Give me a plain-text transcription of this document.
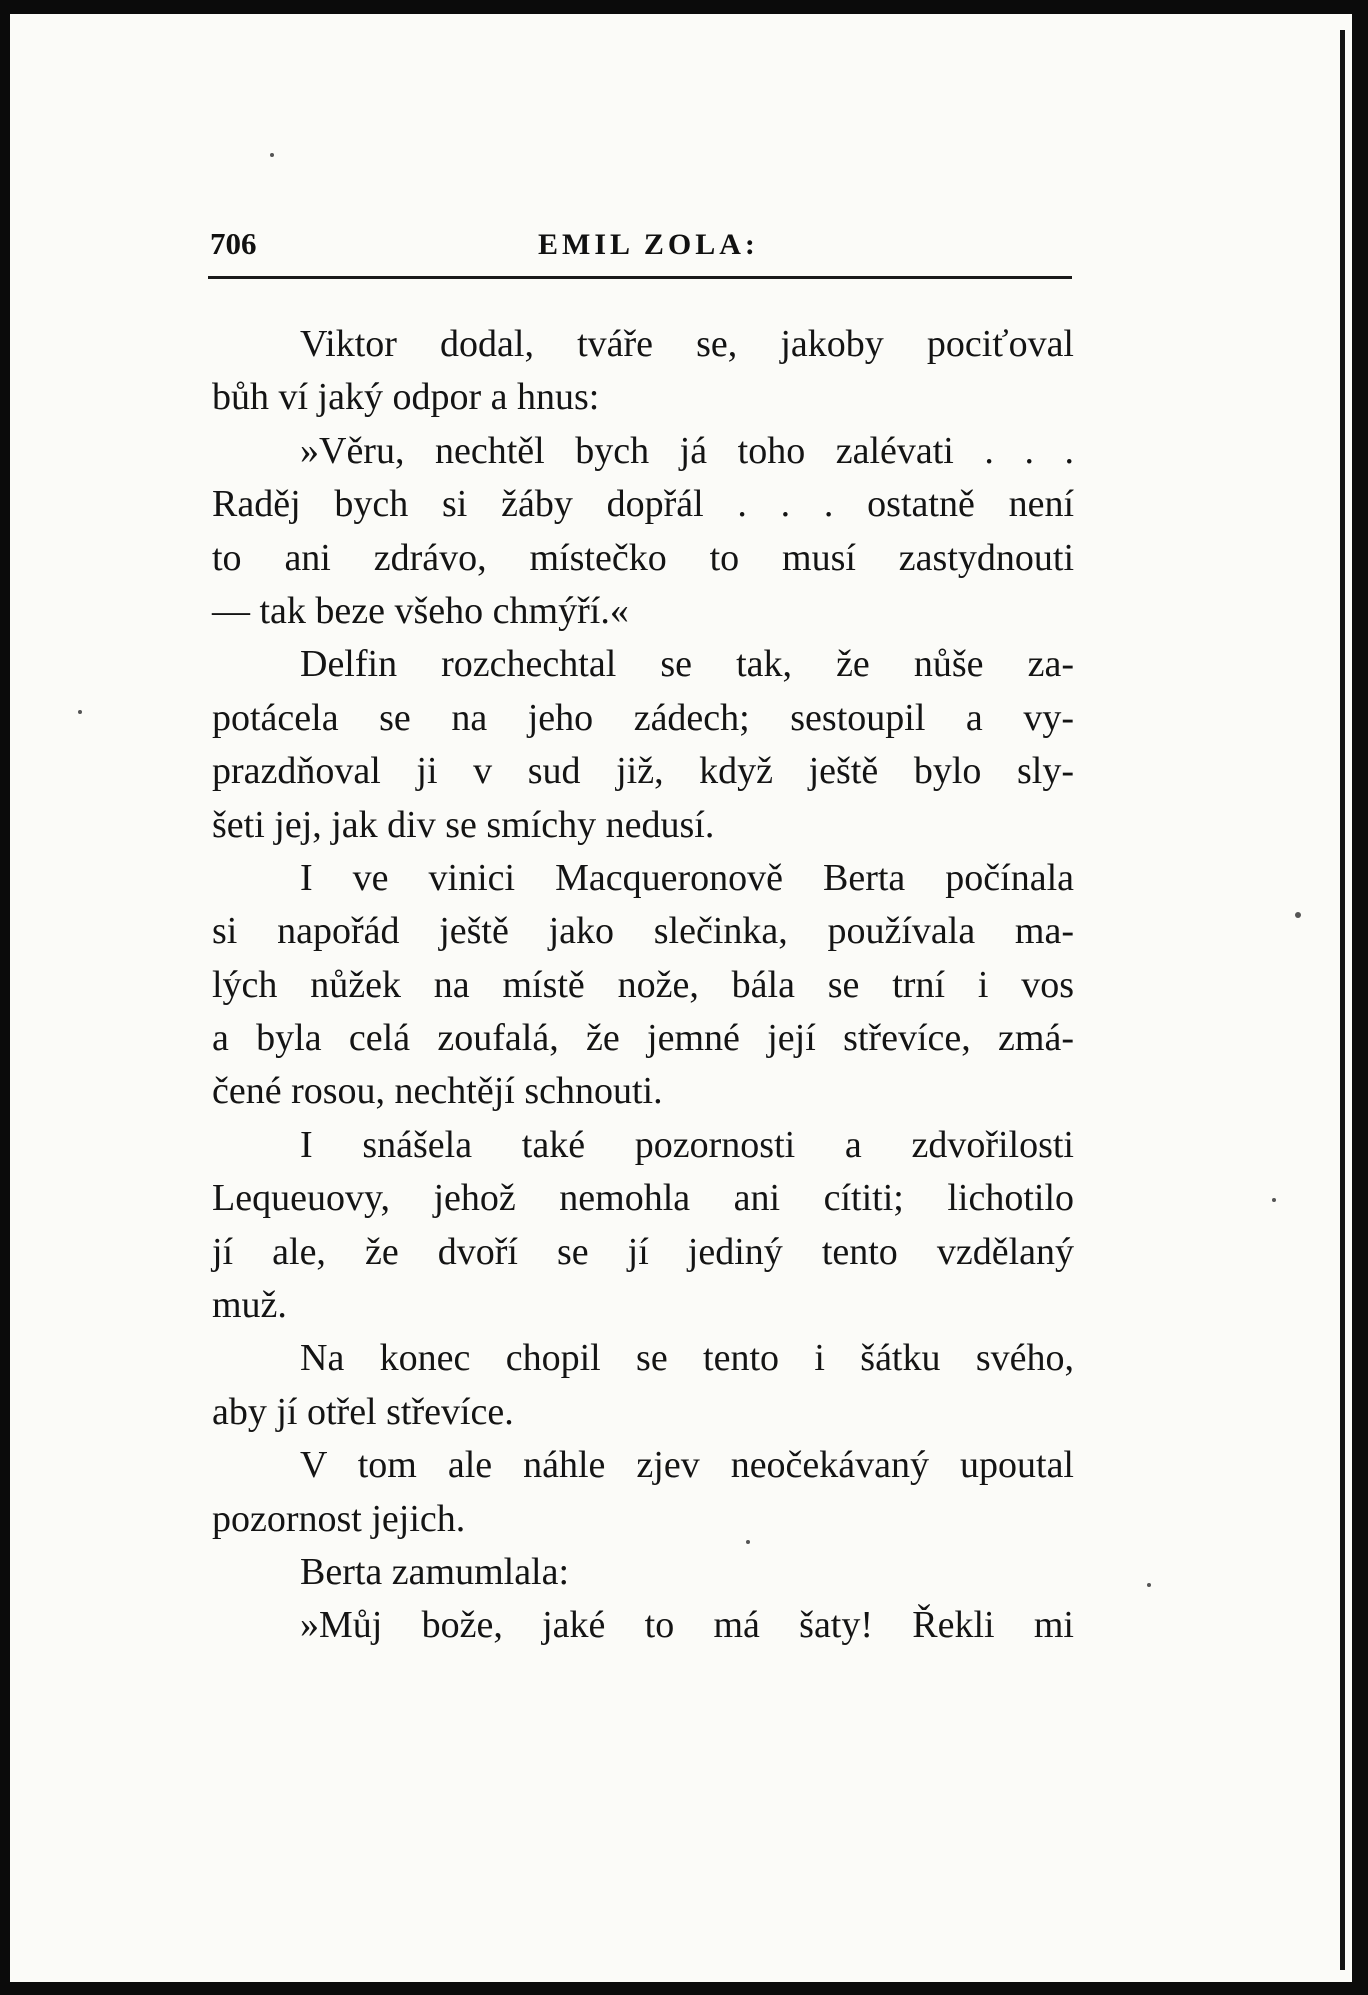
706	EMIL ZOLA:
Viktor dodal, tváře se, jakoby pociťoval
bůh ví jaký odpor a hnus:
»Věru, nechtěl bych já toho zalévati . . .
Raděj bych si žáby dopřál . . . ostatně není
to ani zdrávo, místečko to musí zastydnouti
— tak beze všeho chmýří.«
Delfin rozchechtal se tak, že nůše za-
potácela se na jeho zádech; sestoupil a vy-
prazdňoval ji v sud již, když ještě bylo sly-
šeti jej, jak div se smíchy nedusí.
I ve vinici Macqueronově Berta počínala
si napořád ještě jako slečinka, používala ma-
lých nůžek na místě nože, bála se trní i vos
a byla celá zoufalá, že jemné její střevíce, zmá-
čené rosou, nechtějí schnouti.
I snášela také pozornosti a zdvořilosti
Lequeuovy, jehož nemohla ani cítiti; lichotilo
jí ale, že dvoří se jí jediný tento vzdělaný
muž.
Na konec chopil se tento i šátku svého,
aby jí otřel střevíce.
V tom ale náhle zjev neočekávaný upoutal
pozornost jejich.
Berta zamumlala:
»Můj bože, jaké to má šaty! Řekli mi
